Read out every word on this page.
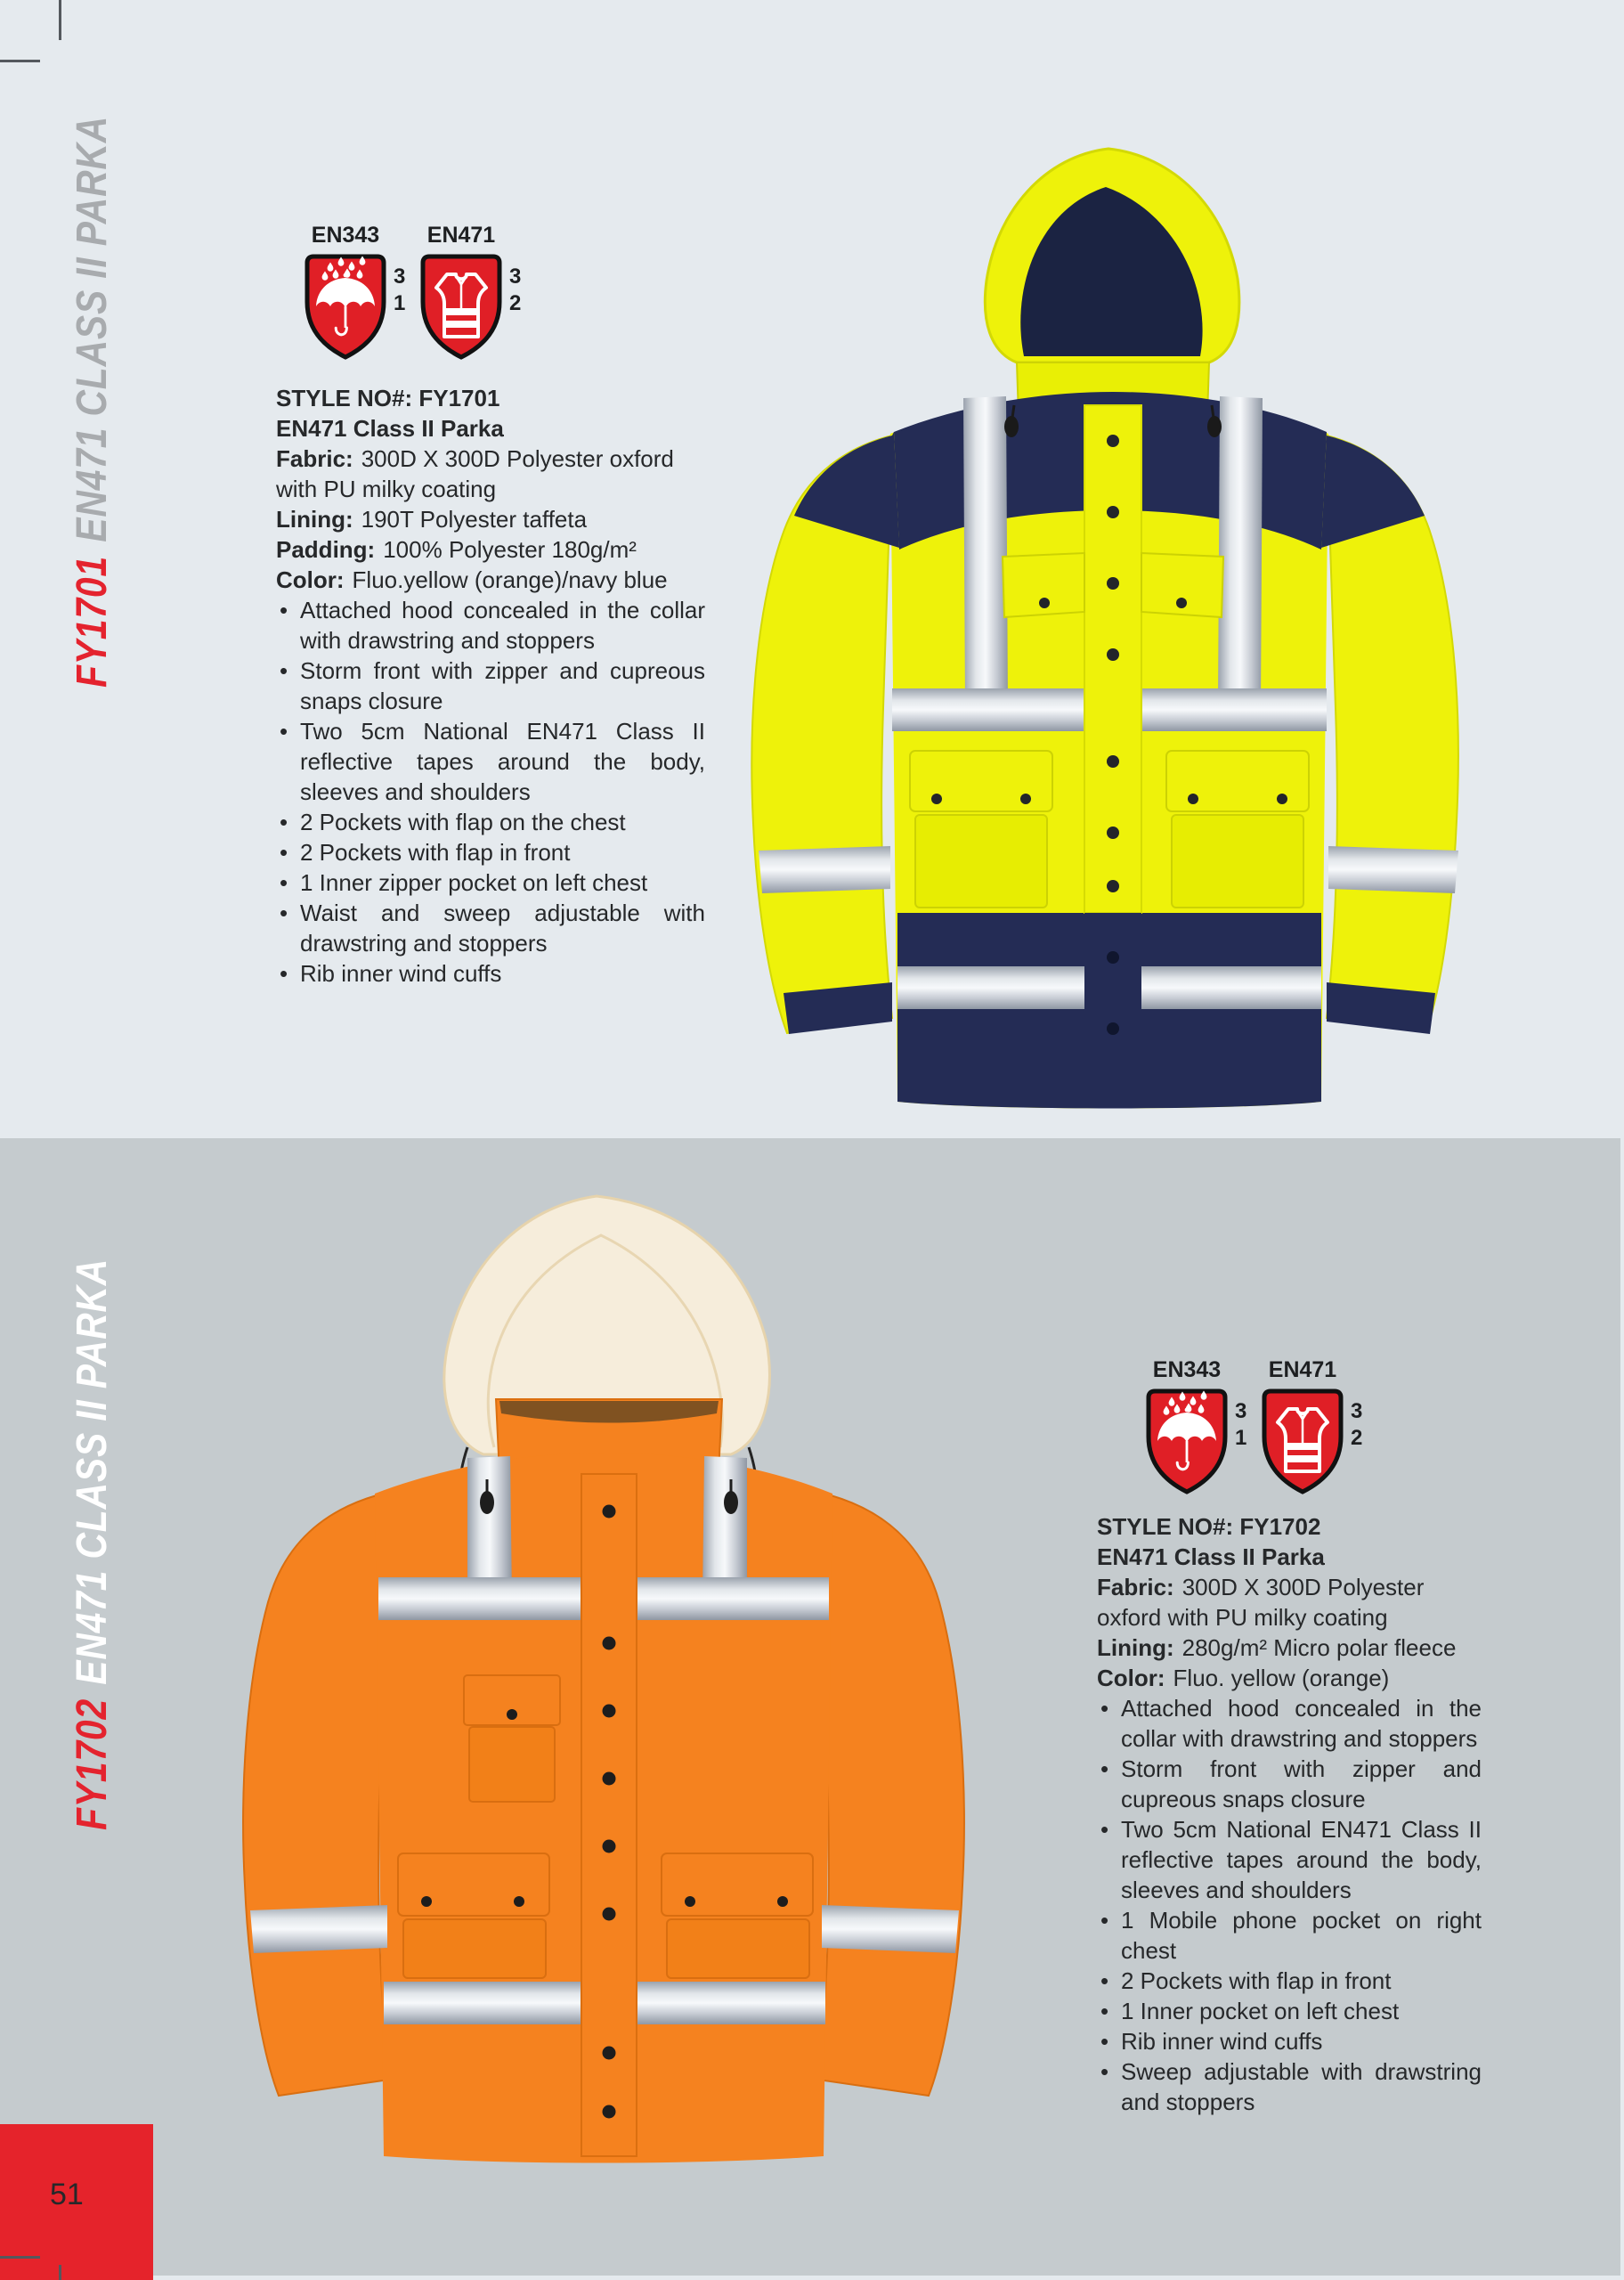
FY1701EN471 CLASS II PARKA	EN343
3
1
EN471
3
2
STYLE NO#: FY1701
EN471 Class II Parka
Fabric: 300D X 300D Polyester oxford with PU milky coating
Lining: 190T Polyester taffeta
Padding: 100% Polyester 180g/m²
Color: Fluo.yellow (orange)/navy blue
• Attached hood concealed in the collar with drawstring and stoppers
• Storm front with zipper and cupreous snaps closure
• Two 5cm National EN471 Class II reflective tapes around the body, sleeves and shoulders
• 2 Pockets with flap on the chest
• 2 Pockets with flap in front
• 1 Inner zipper pocket on left chest
• Waist and sweep adjustable with drawstring and stoppers
• Rib inner wind cuffs
FY1702EN471 CLASS II PARKA	EN343
3
1
EN471
3
2
STYLE NO#: FY1702
EN471 Class II Parka
Fabric: 300D X 300D Polyester oxford with PU milky coating
Lining: 280g/m² Micro polar fleece
Color: Fluo. yellow (orange)
• Attached hood concealed in the collar with drawstring and stoppers
• Storm front with zipper and cupreous snaps closure
• Two 5cm National EN471 Class II reflective tapes around the body, sleeves and shoulders
• 1 Mobile phone pocket on right chest
• 2 Pockets with flap in front
• 1 Inner pocket on left chest
• Rib inner wind cuffs
• Sweep adjustable with drawstring and stoppers
51
